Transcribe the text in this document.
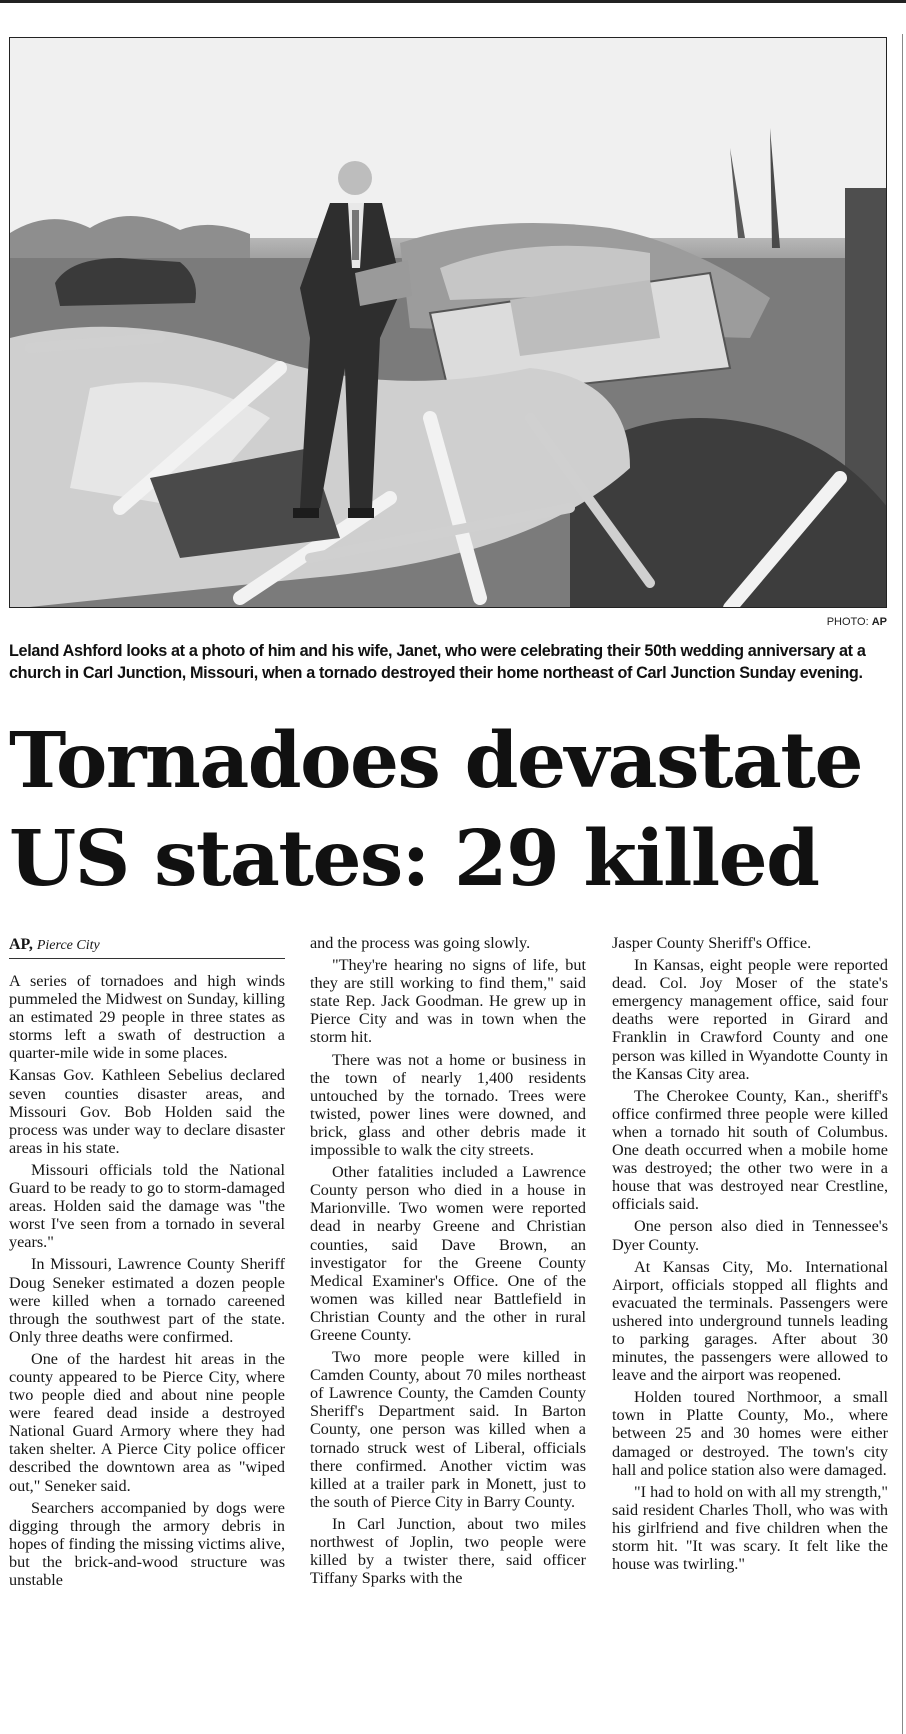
PHOTO: AP
Leland Ashford looks at a photo of him and his wife, Janet, who were celebrating their 50th wedding anniversary at a church in Carl Junction, Missouri, when a tornado destroyed their home northeast of Carl Junction Sunday evening.
Tornadoes devastate
US states: 29 killed
AP, Pierce City

A series of tornadoes and high winds pummeled the Midwest on Sunday, killing an estimated 29 people in three states as storms left a swath of destruction a quarter-mile wide in some places.

Kansas Gov. Kathleen Sebelius declared seven counties disaster areas, and Missouri Gov. Bob Holden said the process was under way to declare disaster areas in his state.

Missouri officials told the National Guard to be ready to go to storm-damaged areas. Holden said the damage was "the worst I've seen from a tornado in several years."

In Missouri, Lawrence County Sheriff Doug Seneker estimated a dozen people were killed when a tornado careened through the southwest part of the state. Only three deaths were confirmed.

One of the hardest hit areas in the county appeared to be Pierce City, where two people died and about nine people were feared dead inside a destroyed National Guard Armory where they had taken shelter. A Pierce City police officer described the downtown area as "wiped out," Seneker said.

Searchers accompanied by dogs were digging through the armory debris in hopes of finding the missing victims alive, but the brick-and-wood structure was unstable

and the process was going slowly.

"They're hearing no signs of life, but they are still working to find them," said state Rep. Jack Goodman. He grew up in Pierce City and was in town when the storm hit.

There was not a home or business in the town of nearly 1,400 residents untouched by the tornado. Trees were twisted, power lines were downed, and brick, glass and other debris made it impossible to walk the city streets.

Other fatalities included a Lawrence County person who died in a house in Marionville. Two women were reported dead in nearby Greene and Christian counties, said Dave Brown, an investigator for the Greene County Medical Examiner's Office. One of the women was killed near Battlefield in Christian County and the other in rural Greene County.

Two more people were killed in Camden County, about 70 miles northeast of Lawrence County, the Camden County Sheriff's Department said. In Barton County, one person was killed when a tornado struck west of Liberal, officials there confirmed. Another victim was killed at a trailer park in Monett, just to the south of Pierce City in Barry County.

In Carl Junction, about two miles northwest of Joplin, two people were killed by a twister there, said officer Tiffany Sparks with the

Jasper County Sheriff's Office.

In Kansas, eight people were reported dead. Col. Joy Moser of the state's emergency management office, said four deaths were reported in Girard and Franklin in Crawford County and one person was killed in Wyandotte County in the Kansas City area.

The Cherokee County, Kan., sheriff's office confirmed three people were killed when a tornado hit south of Columbus. One death occurred when a mobile home was destroyed; the other two were in a house that was destroyed near Crestline, officials said.

One person also died in Tennessee's Dyer County.

At Kansas City, Mo. International Airport, officials stopped all flights and evacuated the terminals. Passengers were ushered into underground tunnels leading to parking garages. After about 30 minutes, the passengers were allowed to leave and the airport was reopened.

Holden toured Northmoor, a small town in Platte County, Mo., where between 25 and 30 homes were either damaged or destroyed. The town's city hall and police station also were damaged.

"I had to hold on with all my strength," said resident Charles Tholl, who was with his girlfriend and five children when the storm hit. "It was scary. It felt like the house was twirling."
